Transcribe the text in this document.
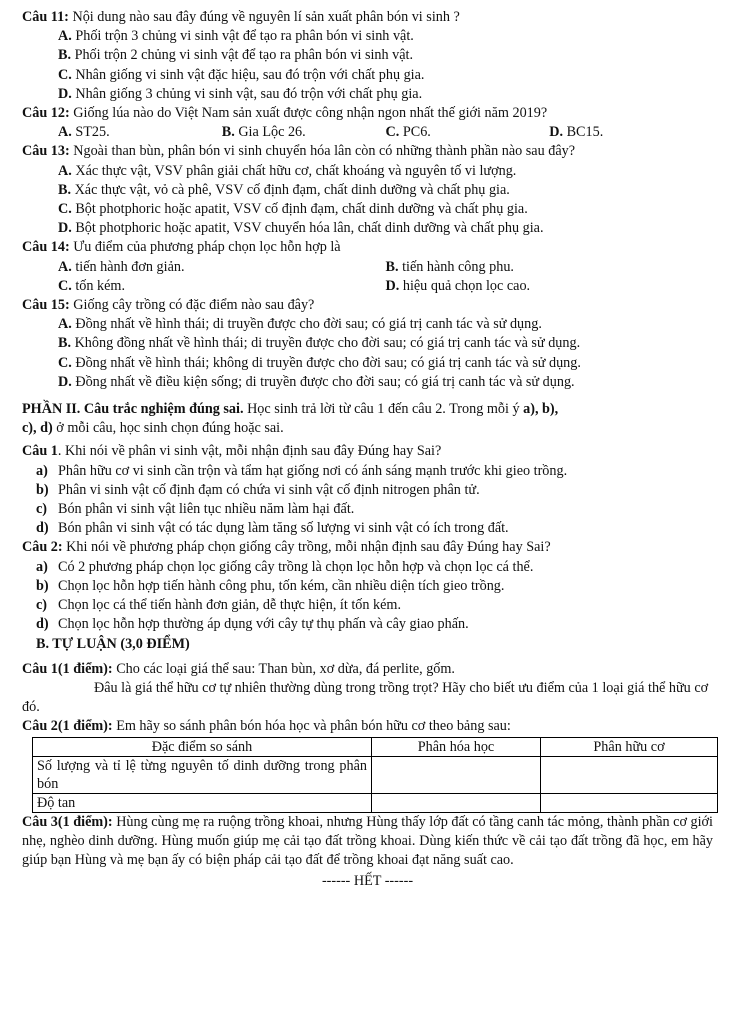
Câu 11: Nội dung nào sau đây đúng về nguyên lí sản xuất phân bón vi sinh ?
A. Phối trộn 3 chủng vi sinh vật để tạo ra phân bón vi sinh vật.
B. Phối trộn 2 chủng vi sinh vật để tạo ra phân bón vi sinh vật.
C. Nhân giống vi sinh vật đặc hiệu, sau đó trộn với chất phụ gia.
D. Nhân giống 3 chủng vi sinh vật, sau đó trộn với chất phụ gia.
Câu 12: Giống lúa nào do Việt Nam sản xuất được công nhận ngon nhất thế giới năm 2019?
A. ST25.	B. Gia Lộc 26.	C. PC6.	D. BC15.
Câu 13: Ngoài than bùn, phân bón vi sinh chuyển hóa lân còn có những thành phần nào sau đây?
A. Xác thực vật, VSV phân giải chất hữu cơ, chất khoáng và nguyên tố vi lượng.
B. Xác thực vật, vỏ cà phê, VSV cố định đạm, chất dinh dưỡng và chất phụ gia.
C. Bột photphoric hoặc apatit, VSV cố định đạm, chất dinh dưỡng và chất phụ gia.
D. Bột photphoric hoặc apatit, VSV chuyển hóa lân, chất dinh dưỡng và chất phụ gia.
Câu 14: Ưu điểm của phương pháp chọn lọc hỗn hợp là
A. tiến hành đơn giản.	B. tiến hành công phu.
C. tốn kém.	D. hiệu quả chọn lọc cao.
Câu 15: Giống cây trồng có đặc điểm nào sau đây?
A. Đồng nhất về hình thái; di truyền được cho đời sau; có giá trị canh tác và sử dụng.
B. Không đồng nhất về hình thái; di truyền được cho đời sau; có giá trị canh tác và sử dụng.
C. Đồng nhất về hình thái; không di truyền được cho đời sau; có giá trị canh tác và sử dụng.
D. Đồng nhất về điều kiện sống; di truyền được cho đời sau; có giá trị canh tác và sử dụng.
PHẦN II. Câu trắc nghiệm đúng sai. Học sinh trả lời từ câu 1 đến câu 2. Trong mỗi ý a), b),
c), d) ở mỗi câu, học sinh chọn đúng hoặc sai.
Câu 1. Khi nói về phân vi sinh vật, mỗi nhận định sau đây Đúng hay Sai?
a) Phân hữu cơ vi sinh cần trộn và tẩm hạt giống nơi có ánh sáng mạnh trước khi gieo trồng.
b) Phân vi sinh vật cố định đạm có chứa vi sinh vật cố định nitrogen phân tử.
c) Bón phân vi sinh vật liên tục nhiều năm làm hại đất.
d) Bón phân vi sinh vật có tác dụng làm tăng số lượng vi sinh vật có ích trong đất.
Câu 2: Khi nói về phương pháp chọn giống cây trồng, mỗi nhận định sau đây Đúng hay Sai?
a) Có 2 phương pháp chọn lọc giống cây trồng là chọn lọc hỗn hợp và chọn lọc cá thể.
b) Chọn lọc hỗn hợp tiến hành công phu, tốn kém, cần nhiều diện tích gieo trồng.
c) Chọn lọc cá thể tiến hành đơn giản, dễ thực hiện, ít tốn kém.
d) Chọn lọc hỗn hợp thường áp dụng với cây tự thụ phấn và cây giao phấn.
B. TỰ LUẬN (3,0 ĐIỂM)
Câu 1(1 điểm): Cho các loại giá thể sau: Than bùn, xơ dừa, đá perlite, gốm.
Đâu là giá thể hữu cơ tự nhiên thường dùng trong trồng trọt? Hãy cho biết ưu điểm của 1 loại giá thể hữu cơ đó.
Câu 2(1 điểm): Em hãy so sánh phân bón hóa học và phân bón hữu cơ theo bảng sau:
Đặc điểm so sánh	Phân hóa học	Phân hữu cơ
Số lượng và tỉ lệ từng nguyên tố dinh dưỡng trong phân bón		
Độ tan		
Câu 3(1 điểm): Hùng cùng mẹ ra ruộng trồng khoai, nhưng Hùng thấy lớp đất có tầng canh tác mỏng, thành phần cơ giới nhẹ, nghèo dinh dưỡng. Hùng muốn giúp mẹ cải tạo đất trồng khoai. Dùng kiến thức về cải tạo đất trồng đã học, em hãy giúp bạn Hùng và mẹ bạn ấy có biện pháp cải tạo đất để trồng khoai đạt năng suất cao.
------ HẾT ------
